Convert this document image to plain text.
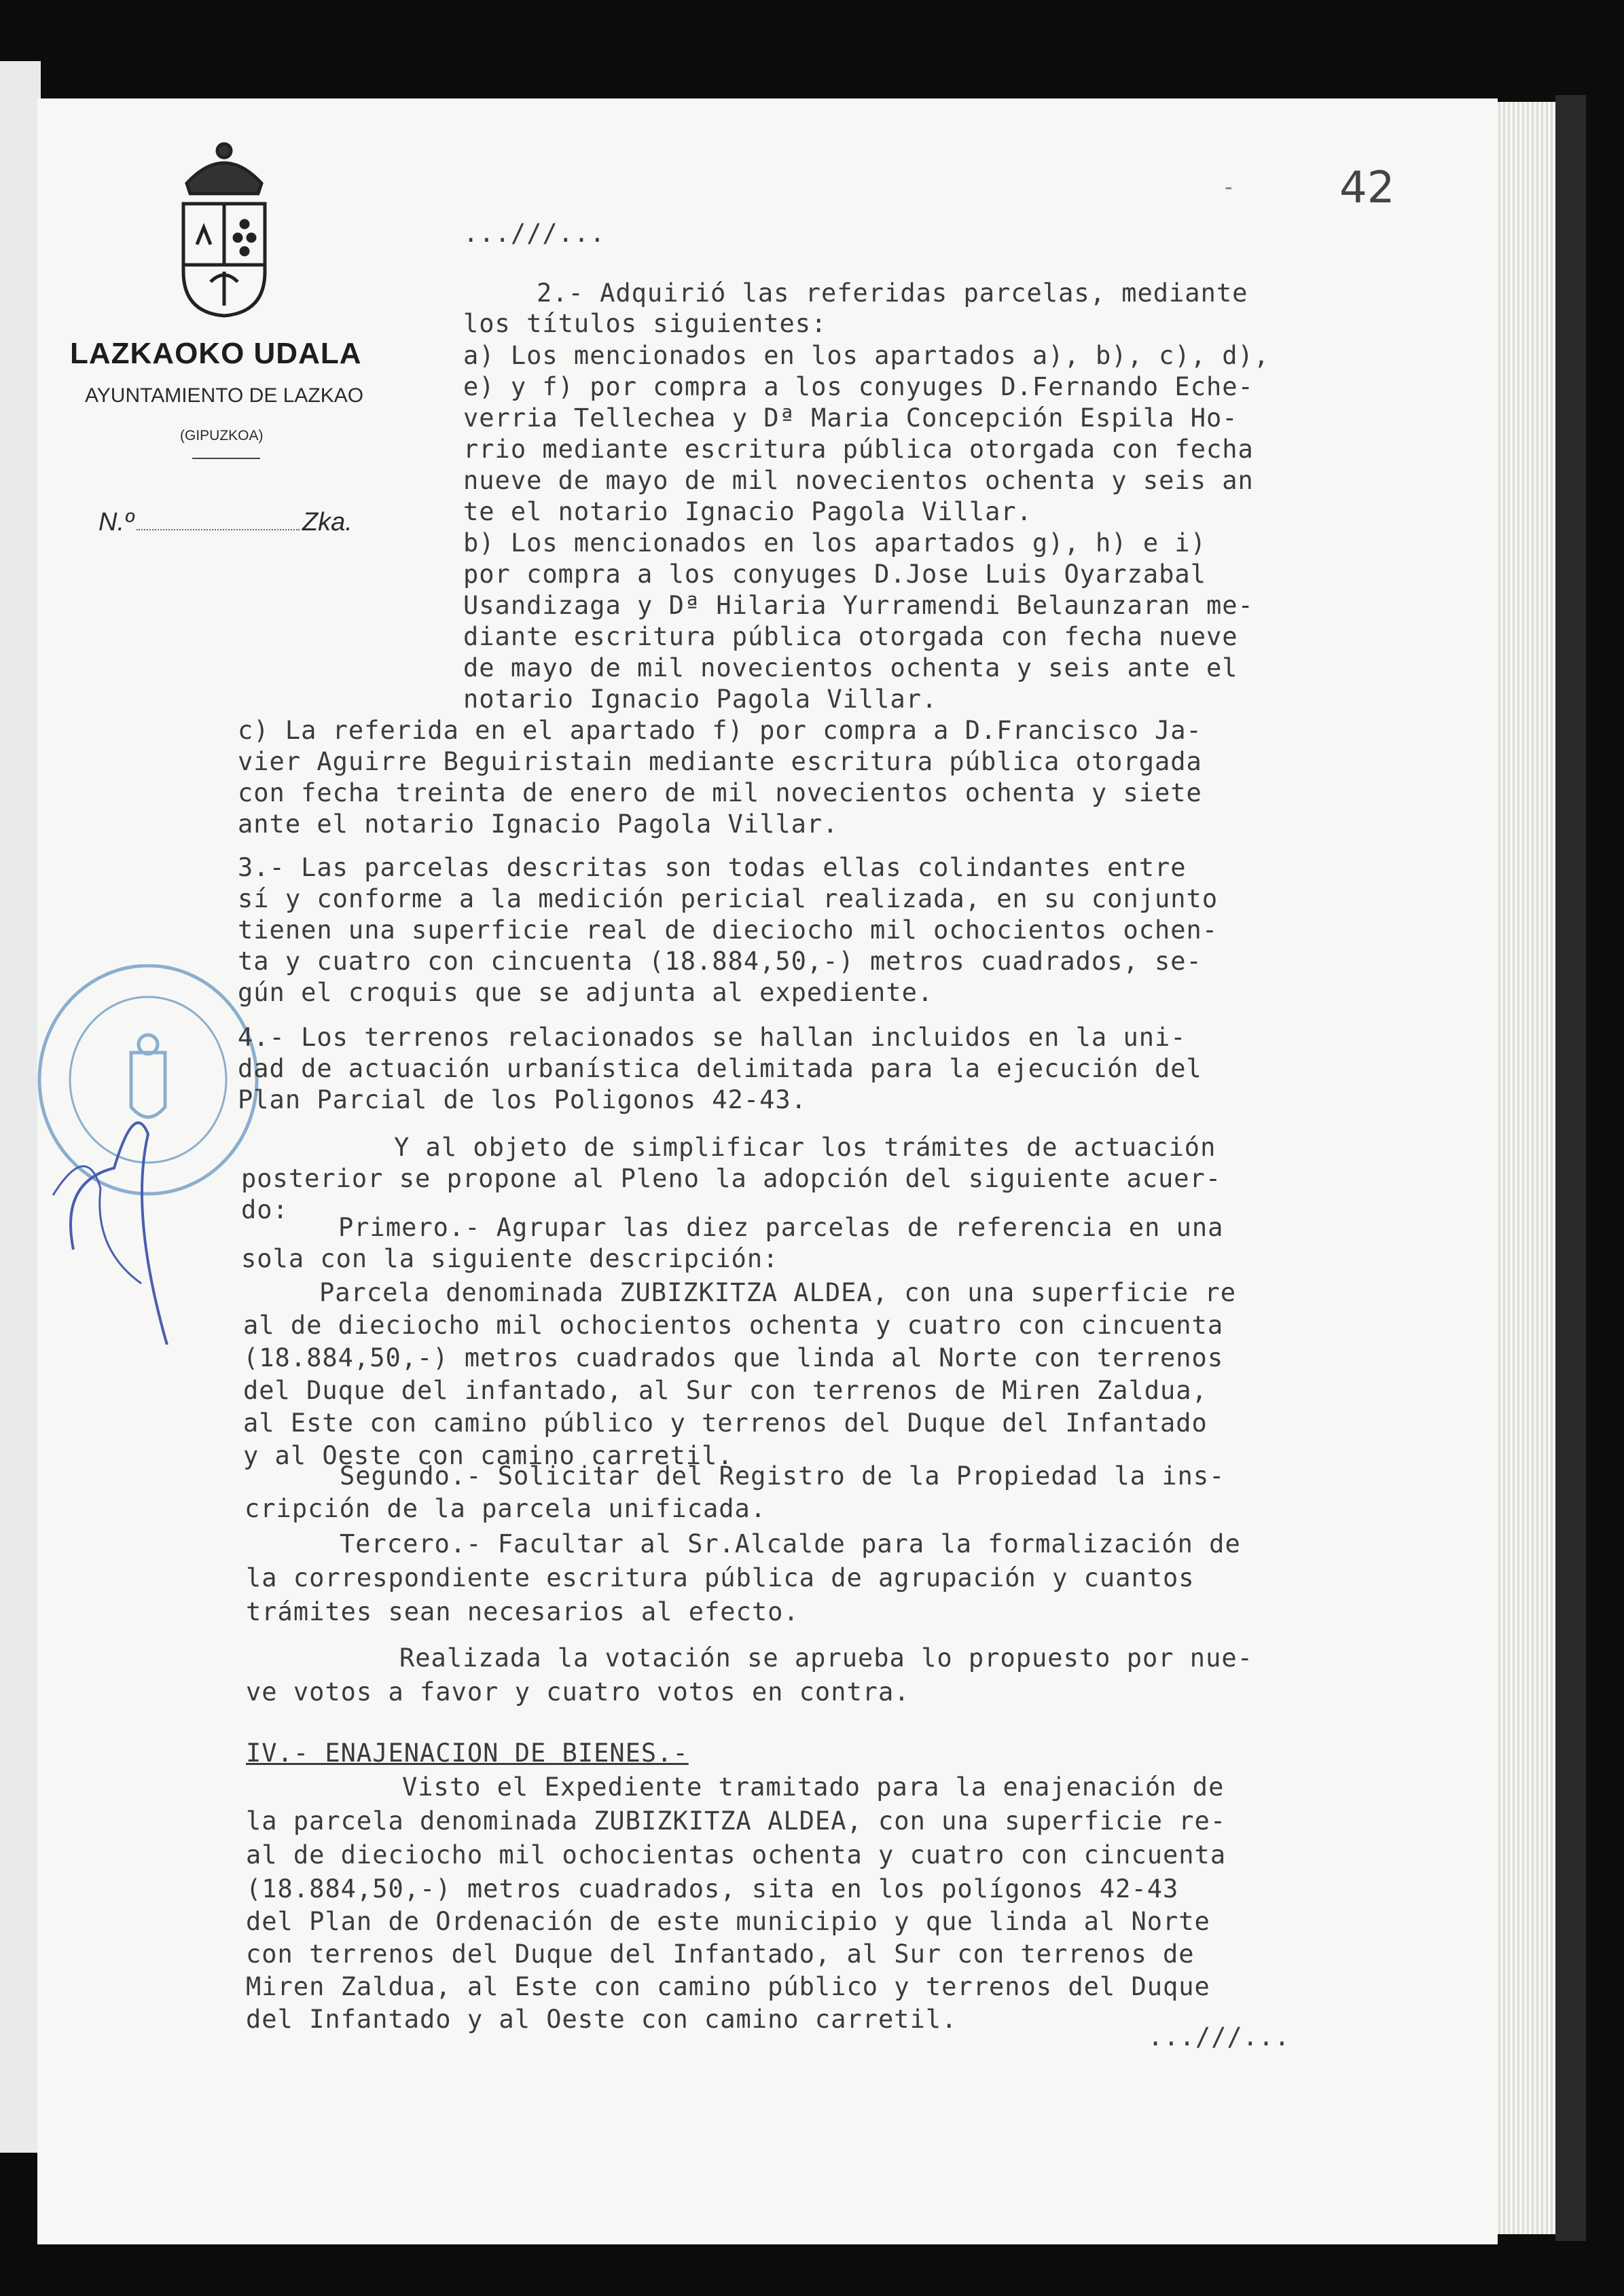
LAZKAOKO UDALA
AYUNTAMIENTO DE LAZKAO
(GIPUZKOA)
N.º	Zka.
- 42
...///...
2.- Adquirió las referidas parcelas, mediante
los títulos siguientes:
a) Los mencionados en los apartados a), b), c), d),
e) y f) por compra a los conyuges D.Fernando Eche-
verria Tellechea y Dª Maria Concepción Espila Ho-
rrio mediante escritura pública otorgada con fecha
nueve de mayo de mil novecientos ochenta y seis an
te el notario Ignacio Pagola Villar.
b) Los mencionados en los apartados g), h) e i)
por compra a los conyuges D.Jose Luis Oyarzabal
Usandizaga y Dª Hilaria Yurramendi Belaunzaran me-
diante escritura pública otorgada con fecha nueve
de mayo de mil novecientos ochenta y seis ante el
notario Ignacio Pagola Villar.
c) La referida en el apartado f) por compra a D.Francisco Ja-
vier Aguirre Beguiristain mediante escritura pública otorgada
con fecha treinta de enero de mil novecientos ochenta y siete
ante el notario Ignacio Pagola Villar.
3.- Las parcelas descritas son todas ellas colindantes entre
sí y conforme a la medición pericial realizada, en su conjunto
tienen una superficie real de dieciocho mil ochocientos ochen-
ta y cuatro con cincuenta (18.884,50,-) metros cuadrados, se-
gún el croquis que se adjunta al expediente.
4.- Los terrenos relacionados se hallan incluidos en la uni-
dad de actuación urbanística delimitada para la ejecución del
Plan Parcial de los Poligonos 42-43.
Y al objeto de simplificar los trámites de actuación
posterior se propone al Pleno la adopción del siguiente acuer-
do:
Primero.- Agrupar las diez parcelas de referencia en una
sola con la siguiente descripción:
Parcela denominada ZUBIZKITZA ALDEA, con una superficie re
al de dieciocho mil ochocientos ochenta y cuatro con cincuenta
(18.884,50,-) metros cuadrados que linda al Norte con terrenos
del Duque del infantado, al Sur con terrenos de Miren Zaldua,
al Este con camino público y terrenos del Duque del Infantado
y al Oeste con camino carretil.
Segundo.- Solicitar del Registro de la Propiedad la ins-
cripción de la parcela unificada.
Tercero.- Facultar al Sr.Alcalde para la formalización de
la correspondiente escritura pública de agrupación y cuantos
trámites sean necesarios al efecto.
Realizada la votación se aprueba lo propuesto por nue-
ve votos a favor y cuatro votos en contra.
IV.- ENAJENACION DE BIENES.-
Visto el Expediente tramitado para la enajenación de
la parcela denominada ZUBIZKITZA ALDEA, con una superficie re-
al de dieciocho mil ochocientas ochenta y cuatro con cincuenta
(18.884,50,-) metros cuadrados, sita en los polígonos 42-43
del Plan de Ordenación de este municipio y que linda al Norte
con terrenos del Duque del Infantado, al Sur con terrenos de
Miren Zaldua, al Este con camino público y terrenos del Duque
del Infantado y al Oeste con camino carretil.
...///...
